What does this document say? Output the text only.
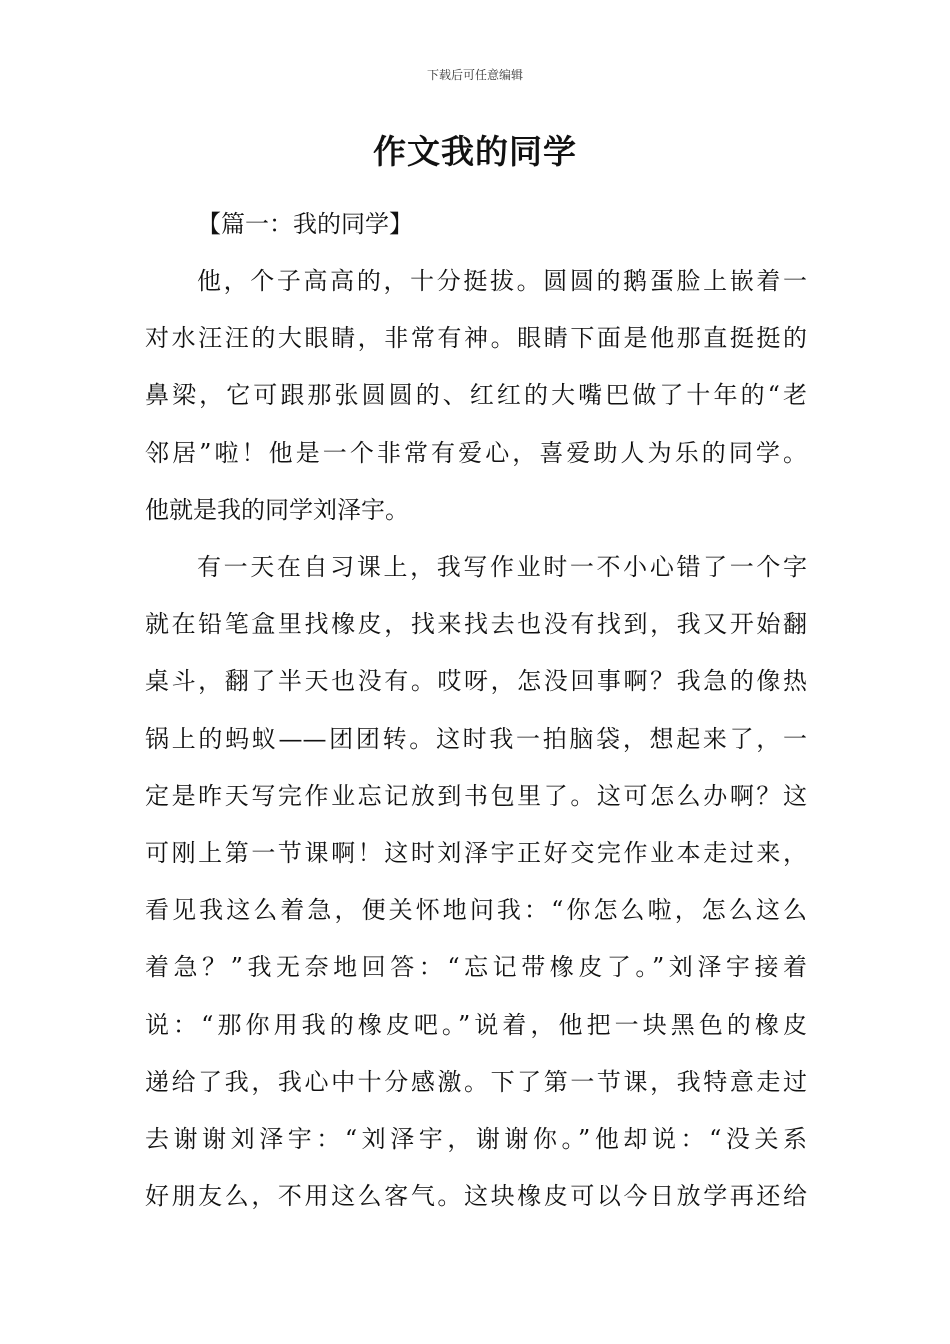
下载后可任意编辑
作文我的同学

【篇一：我的同学】

他，个子高高的，十分挺拔。圆圆的鹅蛋脸上嵌着一
对水汪汪的大眼睛，非常有神。眼睛下面是他那直挺挺的
鼻梁，它可跟那张圆圆的、红红的大嘴巴做了十年的“老
邻居”啦！他是一个非常有爱心，喜爱助人为乐的同学。
他就是我的同学刘泽宇。

有一天在自习课上，我写作业时一不小心错了一个字
就在铅笔盒里找橡皮，找来找去也没有找到，我又开始翻
桌斗，翻了半天也没有。哎呀，怎没回事啊？我急的像热
锅上的蚂蚁——团团转。这时我一拍脑袋，想起来了，一
定是昨天写完作业忘记放到书包里了。这可怎么办啊？这
可刚上第一节课啊！这时刘泽宇正好交完作业本走过来，
看见我这么着急，便关怀地问我：“你怎么啦，怎么这么
着急？”我无奈地回答：“忘记带橡皮了。”刘泽宇接着
说：“那你用我的橡皮吧。”说着，他把一块黑色的橡皮
递给了我，我心中十分感激。下了第一节课，我特意走过
去谢谢刘泽宇：“刘泽宇，谢谢你。”他却说：“没关系
好朋友么，不用这么客气。这块橡皮可以今日放学再还给
